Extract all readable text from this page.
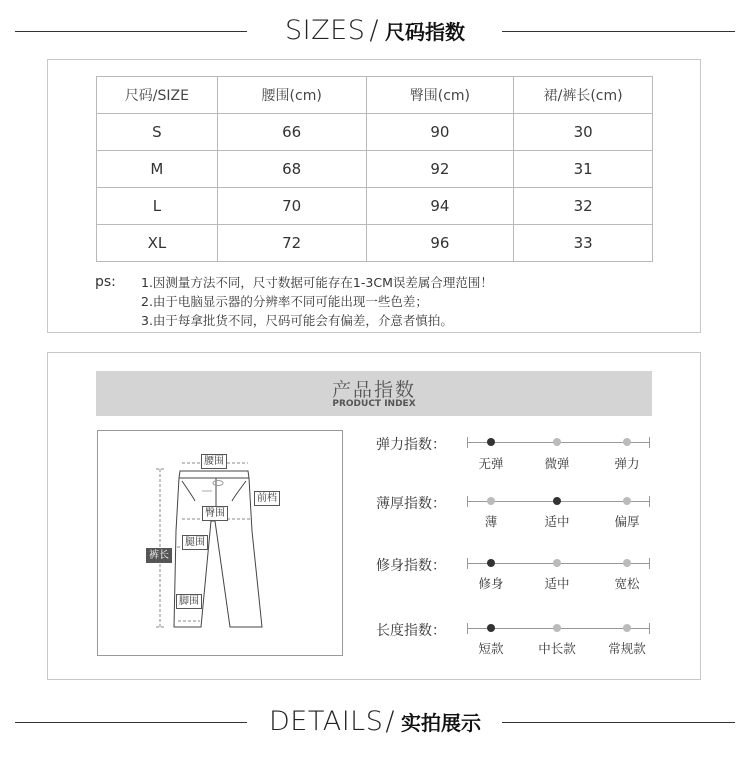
SIZES / 尺码指数
尺码/SIZE	腰围(cm)	臀围(cm)	裙/裤长(cm)
S	66	90	30
M	68	92	31
L	70	94	32
XL	72	96	33
ps: 1.因测量方法不同，尺寸数据可能存在1-3CM误差属合理范围！
2.由于电脑显示器的分辨率不同可能出现一些色差；
3.由于每拿批货不同，尺码可能会有偏差，介意者慎拍。
产品指数
PRODUCT INDEX
腰围
前档
臀围
腿围
裤长
脚围
弹力指数：
无弹	微弹	弹力
薄厚指数：
薄	适中	偏厚
修身指数：
修身	适中	宽松
长度指数：
短款	中长款	常规款
DETAILS/ 实拍展示
